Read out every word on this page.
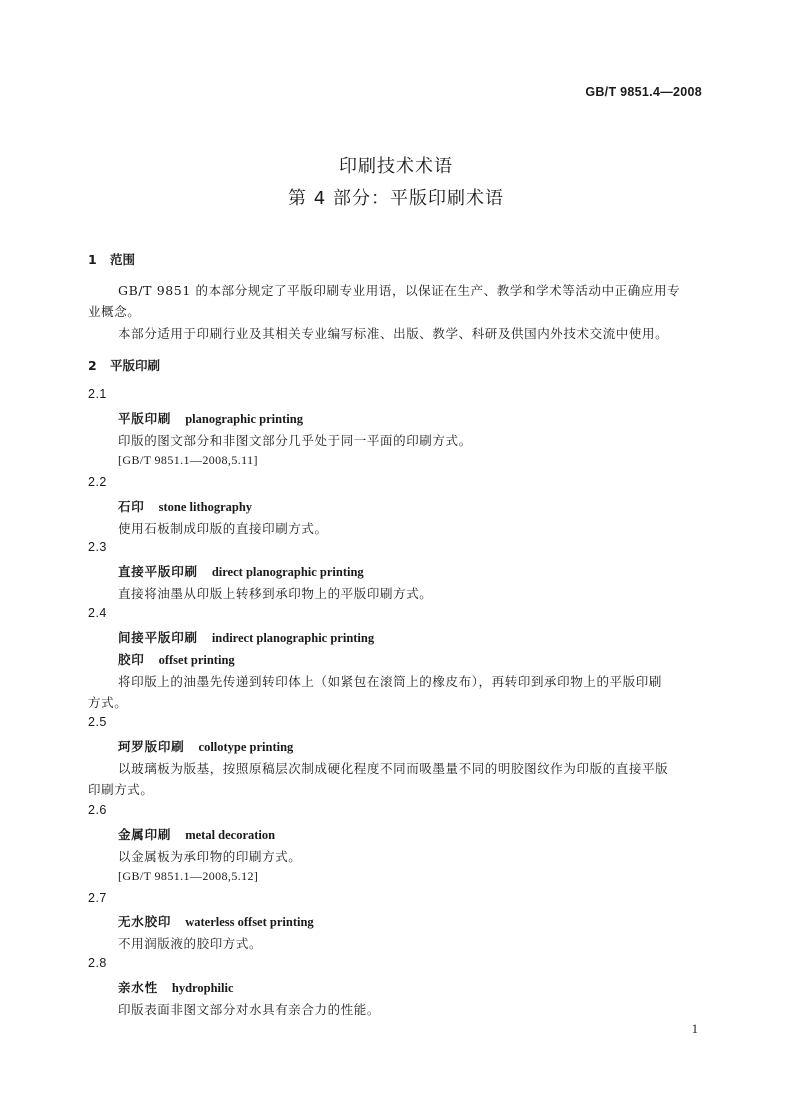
GB/T 9851.4—2008
印刷技术术语
第 4 部分：平版印刷术语
1 范围
GB/T 9851 的本部分规定了平版印刷专业用语，以保证在生产、教学和学术等活动中正确应用专
业概念。
本部分适用于印刷行业及其相关专业编写标准、出版、教学、科研及供国内外技术交流中使用。
2 平版印刷
2.1
平版印刷 planographic printing
印版的图文部分和非图文部分几乎处于同一平面的印刷方式。
[GB/T 9851.1—2008,5.11]
2.2
石印 stone lithography
使用石板制成印版的直接印刷方式。
2.3
直接平版印刷 direct planographic printing
直接将油墨从印版上转移到承印物上的平版印刷方式。
2.4
间接平版印刷 indirect planographic printing
胶印 offset printing
将印版上的油墨先传递到转印体上（如紧包在滚筒上的橡皮布），再转印到承印物上的平版印刷
方式。
2.5
珂罗版印刷 collotype printing
以玻璃板为版基，按照原稿层次制成硬化程度不同而吸墨量不同的明胶图纹作为印版的直接平版
印刷方式。
2.6
金属印刷 metal decoration
以金属板为承印物的印刷方式。
[GB/T 9851.1—2008,5.12]
2.7
无水胶印 waterless offset printing
不用润版液的胶印方式。
2.8
亲水性 hydrophilic
印版表面非图文部分对水具有亲合力的性能。
1
